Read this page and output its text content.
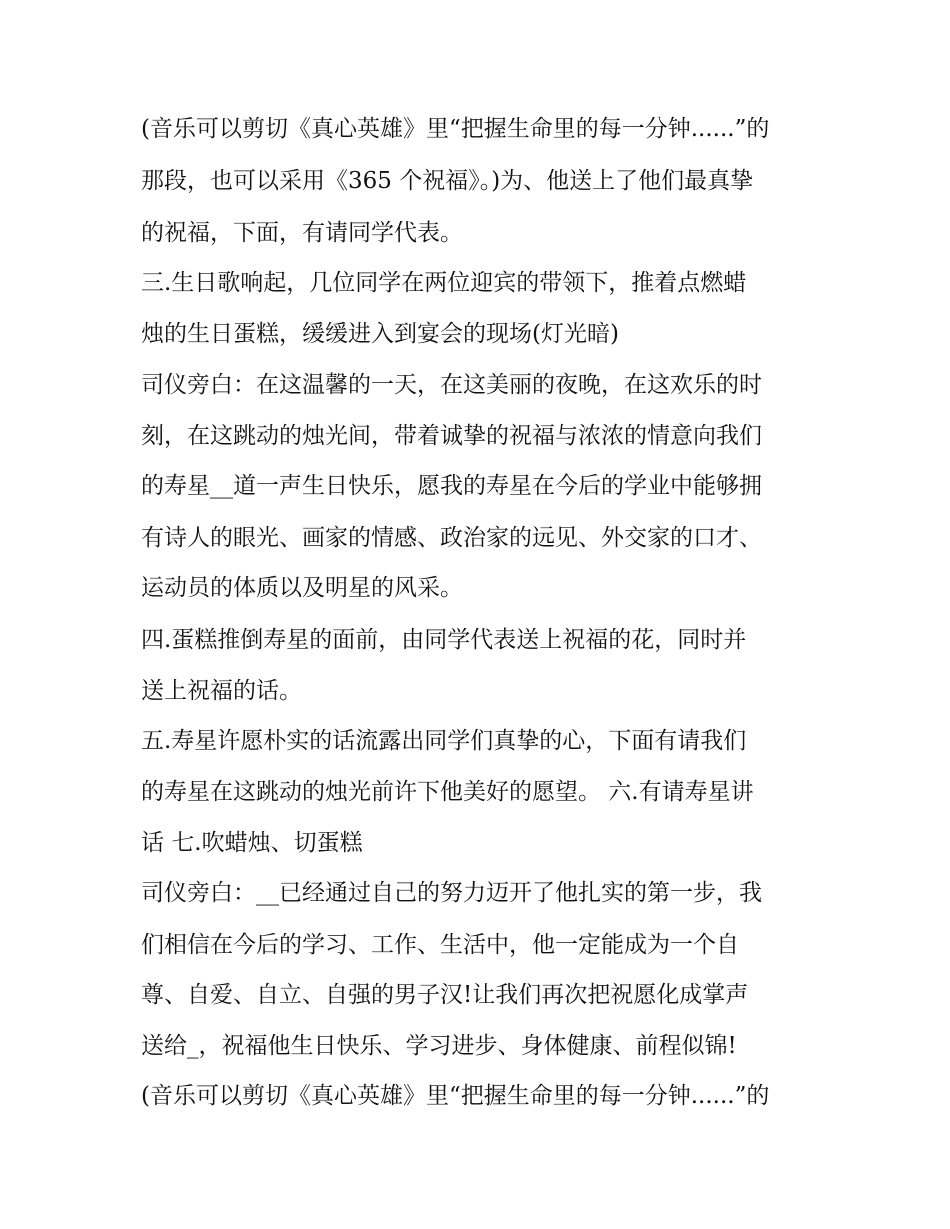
(音乐可以剪切《真心英雄》里“把握生命里的每一分钟......”的

那段，也可以采用《365 个祝福》。)为、他送上了他们最真挚

的祝福，下面，有请同学代表。

三.生日歌响起，几位同学在两位迎宾的带领下，推着点燃蜡

烛的生日蛋糕，缓缓进入到宴会的现场(灯光暗)

司仪旁白：在这温馨的一天，在这美丽的夜晚，在这欢乐的时

刻，在这跳动的烛光间，带着诚挚的祝福与浓浓的情意向我们

的寿星__道一声生日快乐，愿我的寿星在今后的学业中能够拥

有诗人的眼光、画家的情感、政治家的远见、外交家的口才、

运动员的体质以及明星的风采。

四.蛋糕推倒寿星的面前，由同学代表送上祝福的花，同时并

送上祝福的话。

五.寿星许愿朴实的话流露出同学们真挚的心，下面有请我们

的寿星在这跳动的烛光前许下他美好的愿望。 六.有请寿星讲

话 七.吹蜡烛、切蛋糕

司仪旁白：__已经通过自己的努力迈开了他扎实的第一步，我

们相信在今后的学习、工作、生活中，他一定能成为一个自

尊、自爱、自立、自强的男子汉!让我们再次把祝愿化成掌声

送给_，祝福他生日快乐、学习进步、身体健康、前程似锦!

(音乐可以剪切《真心英雄》里“把握生命里的每一分钟......”的
